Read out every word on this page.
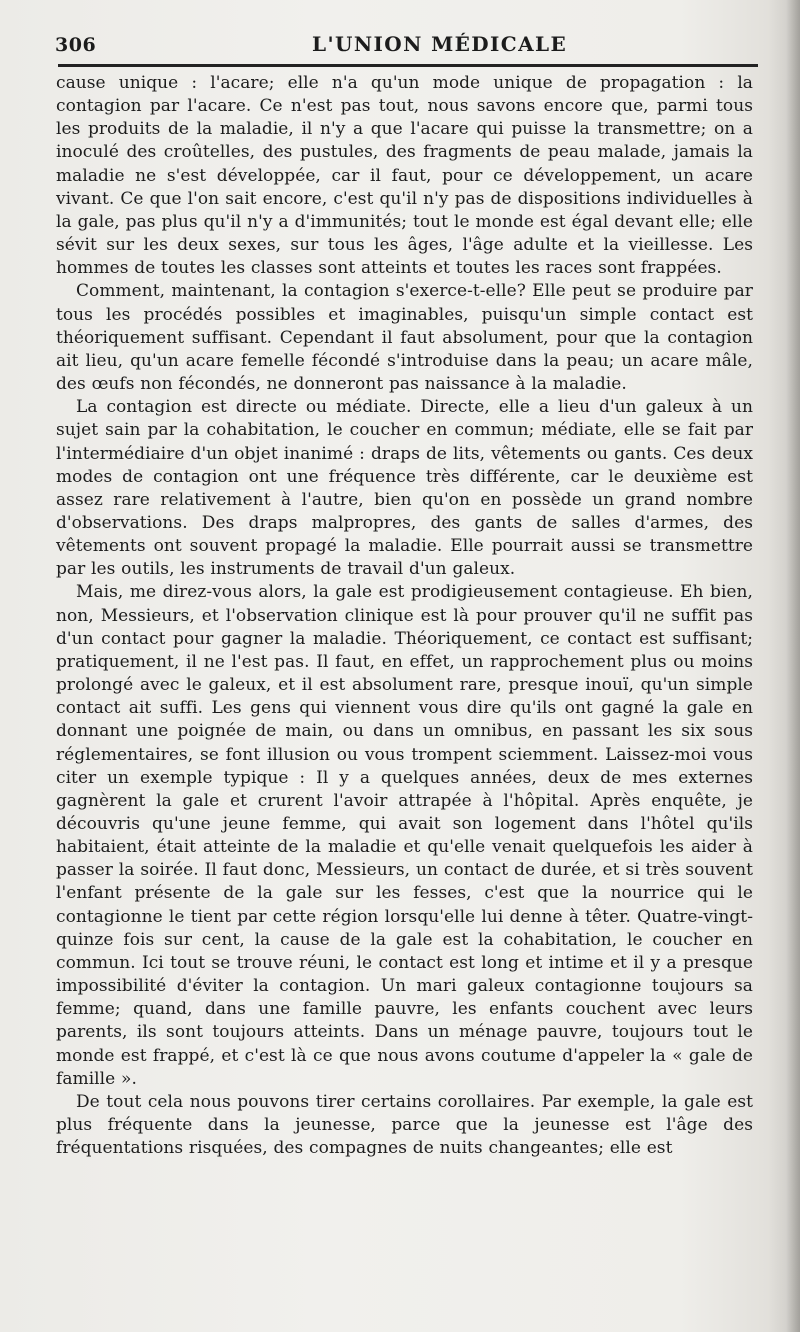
306	L'UNION MÉDICALE

cause unique : l'acare; elle n'a qu'un mode unique de propagation : la contagion par l'acare. Ce n'est pas tout, nous savons encore que, parmi tous les produits de la maladie, il n'y a que l'acare qui puisse la transmettre; on a inoculé des croûtelles, des pustules, des fragments de peau malade, jamais la maladie ne s'est développée, car il faut, pour ce développement, un acare vivant. Ce que l'on sait encore, c'est qu'il n'y pas de dispositions individuelles à la gale, pas plus qu'il n'y a d'immunités; tout le monde est égal devant elle; elle sévit sur les deux sexes, sur tous les âges, l'âge adulte et la vieillesse. Les hommes de toutes les classes sont atteints et toutes les races sont frappées.

Comment, maintenant, la contagion s'exerce-t-elle? Elle peut se produire par tous les procédés possibles et imaginables, puisqu'un simple contact est théoriquement suffisant. Cependant il faut absolument, pour que la contagion ait lieu, qu'un acare femelle fécondé s'introduise dans la peau; un acare mâle, des œufs non fécondés, ne donneront pas naissance à la maladie.

La contagion est directe ou médiate. Directe, elle a lieu d'un galeux à un sujet sain par la cohabitation, le coucher en commun; médiate, elle se fait par l'intermédiaire d'un objet inanimé : draps de lits, vêtements ou gants. Ces deux modes de contagion ont une fréquence très différente, car le deuxième est assez rare relativement à l'autre, bien qu'on en possède un grand nombre d'observations. Des draps malpropres, des gants de salles d'armes, des vêtements ont souvent propagé la maladie. Elle pourrait aussi se transmettre par les outils, les instruments de travail d'un galeux.

Mais, me direz-vous alors, la gale est prodigieusement contagieuse. Eh bien, non, Messieurs, et l'observation clinique est là pour prouver qu'il ne suffit pas d'un contact pour gagner la maladie. Théoriquement, ce contact est suffisant; pratiquement, il ne l'est pas. Il faut, en effet, un rapprochement plus ou moins prolongé avec le galeux, et il est absolument rare, presque inouï, qu'un simple contact ait suffi. Les gens qui viennent vous dire qu'ils ont gagné la gale en donnant une poignée de main, ou dans un omnibus, en passant les six sous réglementaires, se font illusion ou vous trompent sciemment. Laissez-moi vous citer un exemple typique : Il y a quelques années, deux de mes externes gagnèrent la gale et crurent l'avoir attrapée à l'hôpital. Après enquête, je découvris qu'une jeune femme, qui avait son logement dans l'hôtel qu'ils habitaient, était atteinte de la maladie et qu'elle venait quelquefois les aider à passer la soirée. Il faut donc, Messieurs, un contact de durée, et si très souvent l'enfant présente de la gale sur les fesses, c'est que la nourrice qui le contagionne le tient par cette région lorsqu'elle lui denne à têter. Quatre-vingt-quinze fois sur cent, la cause de la gale est la cohabitation, le coucher en commun. Ici tout se trouve réuni, le contact est long et intime et il y a presque impossibilité d'éviter la contagion. Un mari galeux contagionne toujours sa femme; quand, dans une famille pauvre, les enfants couchent avec leurs parents, ils sont toujours atteints. Dans un ménage pauvre, toujours tout le monde est frappé, et c'est là ce que nous avons coutume d'appeler la « gale de famille ».

De tout cela nous pouvons tirer certains corollaires. Par exemple, la gale est plus fréquente dans la jeunesse, parce que la jeunesse est l'âge des fréquentations risquées, des compagnes de nuits changeantes; elle est
